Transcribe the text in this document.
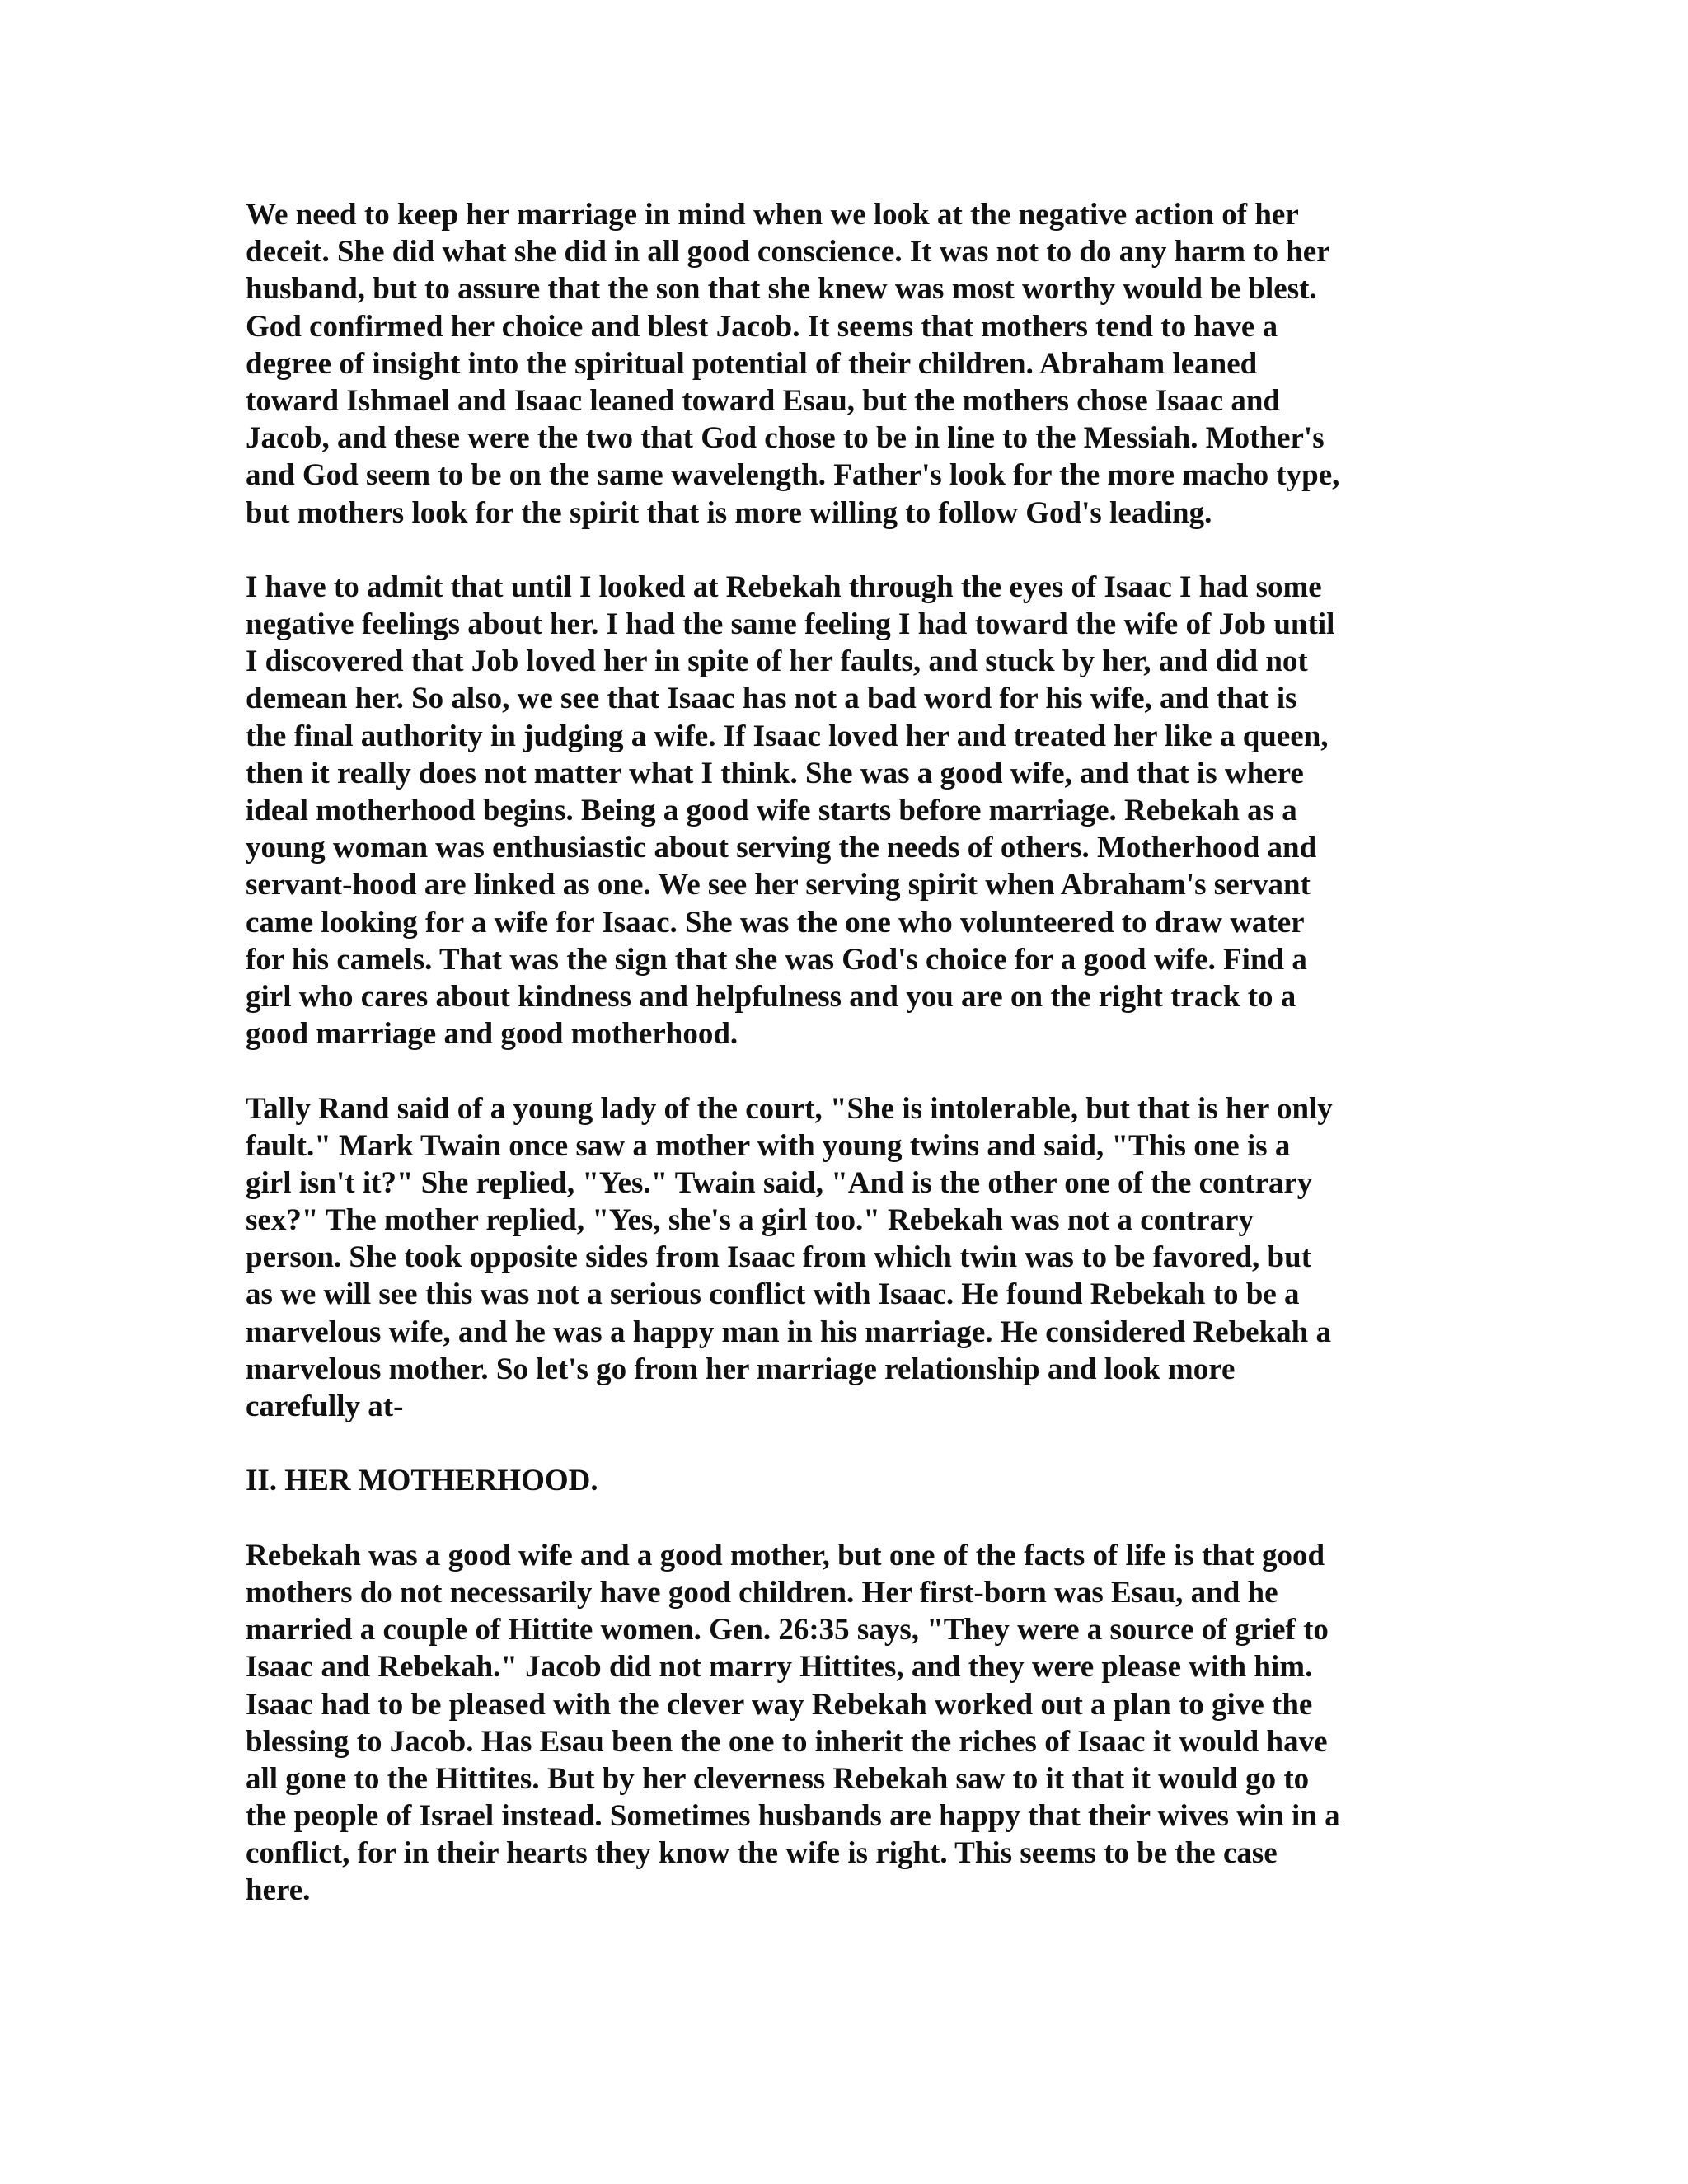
We need to keep her marriage in mind when we look at the negative action of her
deceit. She did what she did in all good conscience. It was not to do any harm to her
husband, but to assure that the son that she knew was most worthy would be blest.
God confirmed her choice and blest Jacob. It seems that mothers tend to have a
degree of insight into the spiritual potential of their children. Abraham leaned
toward Ishmael and Isaac leaned toward Esau, but the mothers chose Isaac and
Jacob, and these were the two that God chose to be in line to the Messiah. Mother's
and God seem to be on the same wavelength. Father's look for the more macho type,
but mothers look for the spirit that is more willing to follow God's leading.
I have to admit that until I looked at Rebekah through the eyes of Isaac I had some
negative feelings about her. I had the same feeling I had toward the wife of Job until
I discovered that Job loved her in spite of her faults, and stuck by her, and did not
demean her. So also, we see that Isaac has not a bad word for his wife, and that is
the final authority in judging a wife. If Isaac loved her and treated her like a queen,
then it really does not matter what I think. She was a good wife, and that is where
ideal motherhood begins. Being a good wife starts before marriage. Rebekah as a
young woman was enthusiastic about serving the needs of others. Motherhood and
servant-hood are linked as one. We see her serving spirit when Abraham's servant
came looking for a wife for Isaac. She was the one who volunteered to draw water
for his camels. That was the sign that she was God's choice for a good wife. Find a
girl who cares about kindness and helpfulness and you are on the right track to a
good marriage and good motherhood.
Tally Rand said of a young lady of the court, "She is intolerable, but that is her only
fault." Mark Twain once saw a mother with young twins and said, "This one is a
girl isn't it?" She replied, "Yes." Twain said, "And is the other one of the contrary
sex?" The mother replied, "Yes, she's a girl too." Rebekah was not a contrary
person. She took opposite sides from Isaac from which twin was to be favored, but
as we will see this was not a serious conflict with Isaac. He found Rebekah to be a
marvelous wife, and he was a happy man in his marriage. He considered Rebekah a
marvelous mother. So let's go from her marriage relationship and look more
carefully at-
II. HER MOTHERHOOD.
Rebekah was a good wife and a good mother, but one of the facts of life is that good
mothers do not necessarily have good children. Her first-born was Esau, and he
married a couple of Hittite women. Gen. 26:35 says, "They were a source of grief to
Isaac and Rebekah." Jacob did not marry Hittites, and they were please with him.
Isaac had to be pleased with the clever way Rebekah worked out a plan to give the
blessing to Jacob. Has Esau been the one to inherit the riches of Isaac it would have
all gone to the Hittites. But by her cleverness Rebekah saw to it that it would go to
the people of Israel instead. Sometimes husbands are happy that their wives win in a
conflict, for in their hearts they know the wife is right. This seems to be the case
here.
